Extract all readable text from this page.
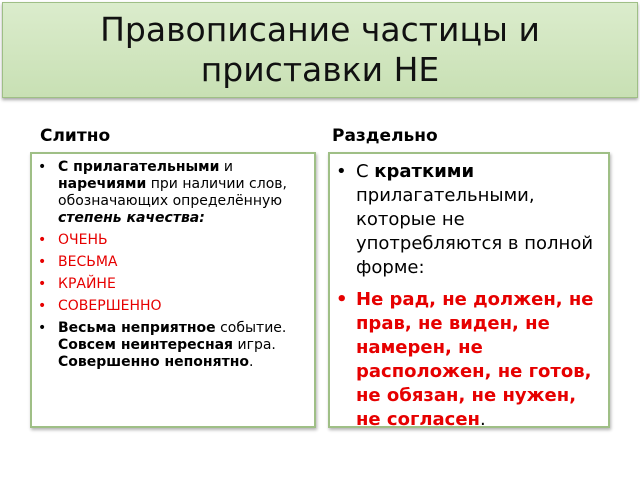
Правописание частицы и
приставки НЕ
Слитно	Раздельно
• С прилагательными и наречиями при наличии слов, обозначающих определённую степень качества:
• ОЧЕНЬ
• ВЕСЬМА
• КРАЙНЕ
• СОВЕРШЕННО
• Весьма неприятное событие. Совсем неинтересная игра. Совершенно непонятно.
• С краткими прилагательными, которые не употребляются в полной форме:
• Не рад, не должен, не прав, не виден, не намерен, не расположен, не готов, не обязан, не нужен, не согласен.
